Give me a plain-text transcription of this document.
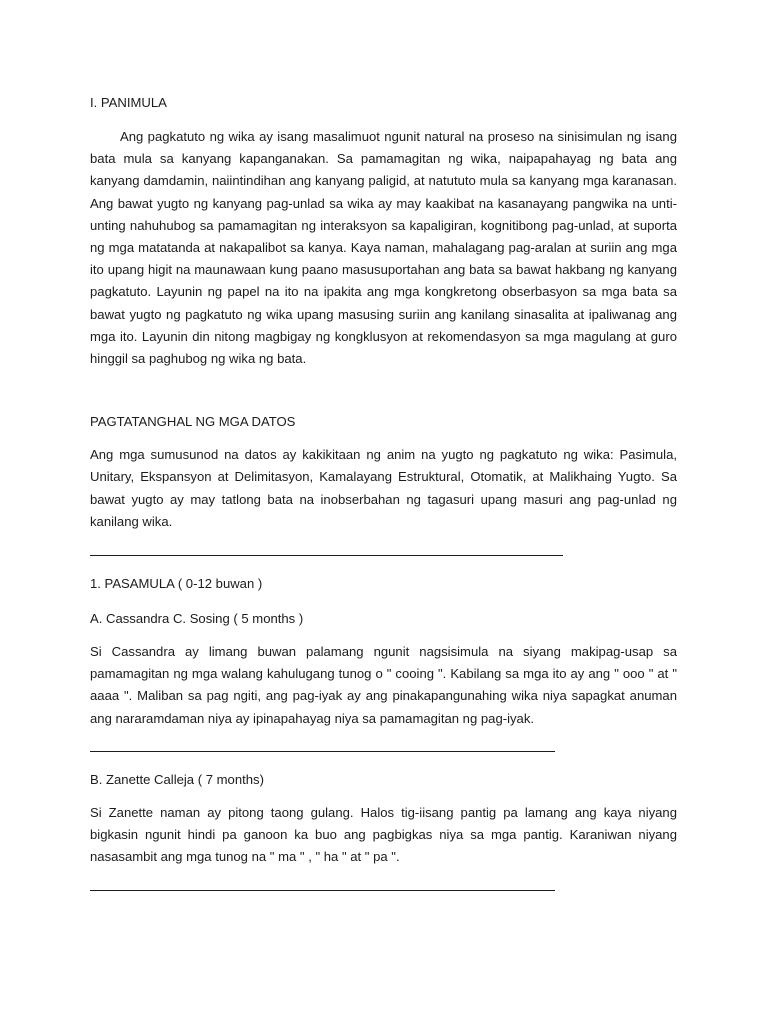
I. PANIMULA

Ang pagkatuto ng wika ay isang masalimuot ngunit natural na proseso na sinisimulan ng isang bata mula sa kanyang kapanganakan. Sa pamamagitan ng wika, naipapahayag ng bata ang kanyang damdamin, naiintindihan ang kanyang paligid, at natututo mula sa kanyang mga karanasan. Ang bawat yugto ng kanyang pag-unlad sa wika ay may kaakibat na kasanayang pangwika na unti-unting nahuhubog sa pamamagitan ng interaksyon sa kapaligiran, kognitibong pag-unlad, at suporta ng mga matatanda at nakapalibot sa kanya. Kaya naman, mahalagang pag-aralan at suriin ang mga ito upang higit na maunawaan kung paano masusuportahan ang bata sa bawat hakbang ng kanyang pagkatuto. Layunin ng papel na ito na ipakita ang mga kongkretong obserbasyon sa mga bata sa bawat yugto ng pagkatuto ng wika upang masusing suriin ang kanilang sinasalita at ipaliwanag ang mga ito. Layunin din nitong magbigay ng kongklusyon at rekomendasyon sa mga magulang at guro hinggil sa paghubog ng wika ng bata.

PAGTATANGHAL NG MGA DATOS

Ang mga sumusunod na datos ay kakikitaan ng anim na yugto ng pagkatuto ng wika: Pasimula, Unitary, Ekspansyon at Delimitasyon, Kamalayang Estruktural, Otomatik, at Malikhaing Yugto. Sa bawat yugto ay may tatlong bata na inobserbahan ng tagasuri upang masuri ang pag-unlad ng kanilang wika.

1. PASAMULA ( 0-12 buwan )
A. Cassandra C. Sosing ( 5 months )

Si Cassandra ay limang buwan palamang ngunit nagsisimula na siyang makipag-usap sa pamamagitan ng mga walang kahulugang tunog o " cooing ". Kabilang sa mga ito ay ang " ooo " at " aaaa ". Maliban sa pag ngiti, ang pag-iyak ay ang pinakapangunahing wika niya sapagkat anuman ang nararamdaman niya ay ipinapahayag niya sa pamamagitan ng pag-iyak.

B. Zanette Calleja ( 7 months)

Si Zanette naman ay pitong taong gulang. Halos tig-iisang pantig pa lamang ang kaya niyang bigkasin ngunit hindi pa ganoon ka buo ang pagbigkas niya sa mga pantig. Karaniwan niyang nasasambit ang mga tunog na " ma " , " ha " at " pa ".
